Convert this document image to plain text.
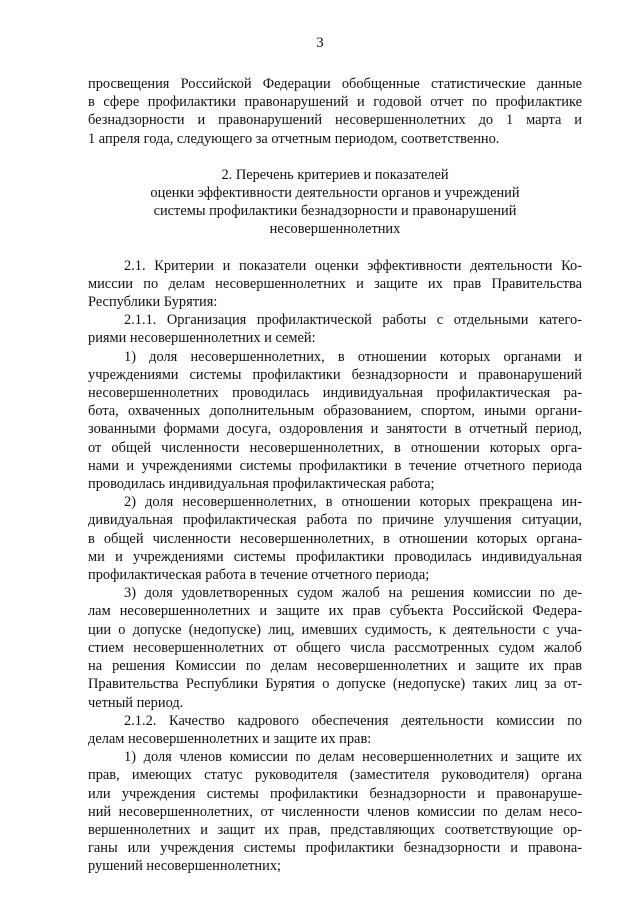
3
просвещения Российской Федерации обобщенные статистические данные
в сфере профилактики правонарушений и годовой отчет по профилактике
безнадзорности и правонарушений несовершеннолетних до 1 марта и
1 апреля года, следующего за отчетным периодом, соответственно.
2. Перечень критериев и показателей
оценки эффективности деятельности органов и учреждений
системы профилактики безнадзорности и правонарушений
несовершеннолетних
2.1. Критерии и показатели оценки эффективности деятельности Ко-
миссии по делам несовершеннолетних и защите их прав Правительства
Республики Бурятия:
2.1.1. Организация профилактической работы с отдельными катего-
риями несовершеннолетних и семей:
1) доля несовершеннолетних, в отношении которых органами и
учреждениями системы профилактики безнадзорности и правонарушений
несовершеннолетних проводилась индивидуальная профилактическая ра-
бота, охваченных дополнительным образованием, спортом, иными органи-
зованными формами досуга, оздоровления и занятости в отчетный период,
от общей численности несовершеннолетних, в отношении которых орга-
нами и учреждениями системы профилактики в течение отчетного периода
проводилась индивидуальная профилактическая работа;
2) доля несовершеннолетних, в отношении которых прекращена ин-
дивидуальная профилактическая работа по причине улучшения ситуации,
в общей численности несовершеннолетних, в отношении которых органа-
ми и учреждениями системы профилактики проводилась индивидуальная
профилактическая работа в течение отчетного периода;
3) доля удовлетворенных судом жалоб на решения комиссии по де-
лам несовершеннолетних и защите их прав субъекта Российской Федера-
ции о допуске (недопуске) лиц, имевших судимость, к деятельности с уча-
стием несовершеннолетних от общего числа рассмотренных судом жалоб
на решения Комиссии по делам несовершеннолетних и защите их прав
Правительства Республики Бурятия о допуске (недопуске) таких лиц за от-
четный период.
2.1.2. Качество кадрового обеспечения деятельности комиссии по
делам несовершеннолетних и защите их прав:
1) доля членов комиссии по делам несовершеннолетних и защите их
прав, имеющих статус руководителя (заместителя руководителя) органа
или учреждения системы профилактики безнадзорности и правонаруше-
ний несовершеннолетних, от численности членов комиссии по делам несо-
вершеннолетних и защит их прав, представляющих соответствующие ор-
ганы или учреждения системы профилактики безнадзорности и правона-
рушений несовершеннолетних;
